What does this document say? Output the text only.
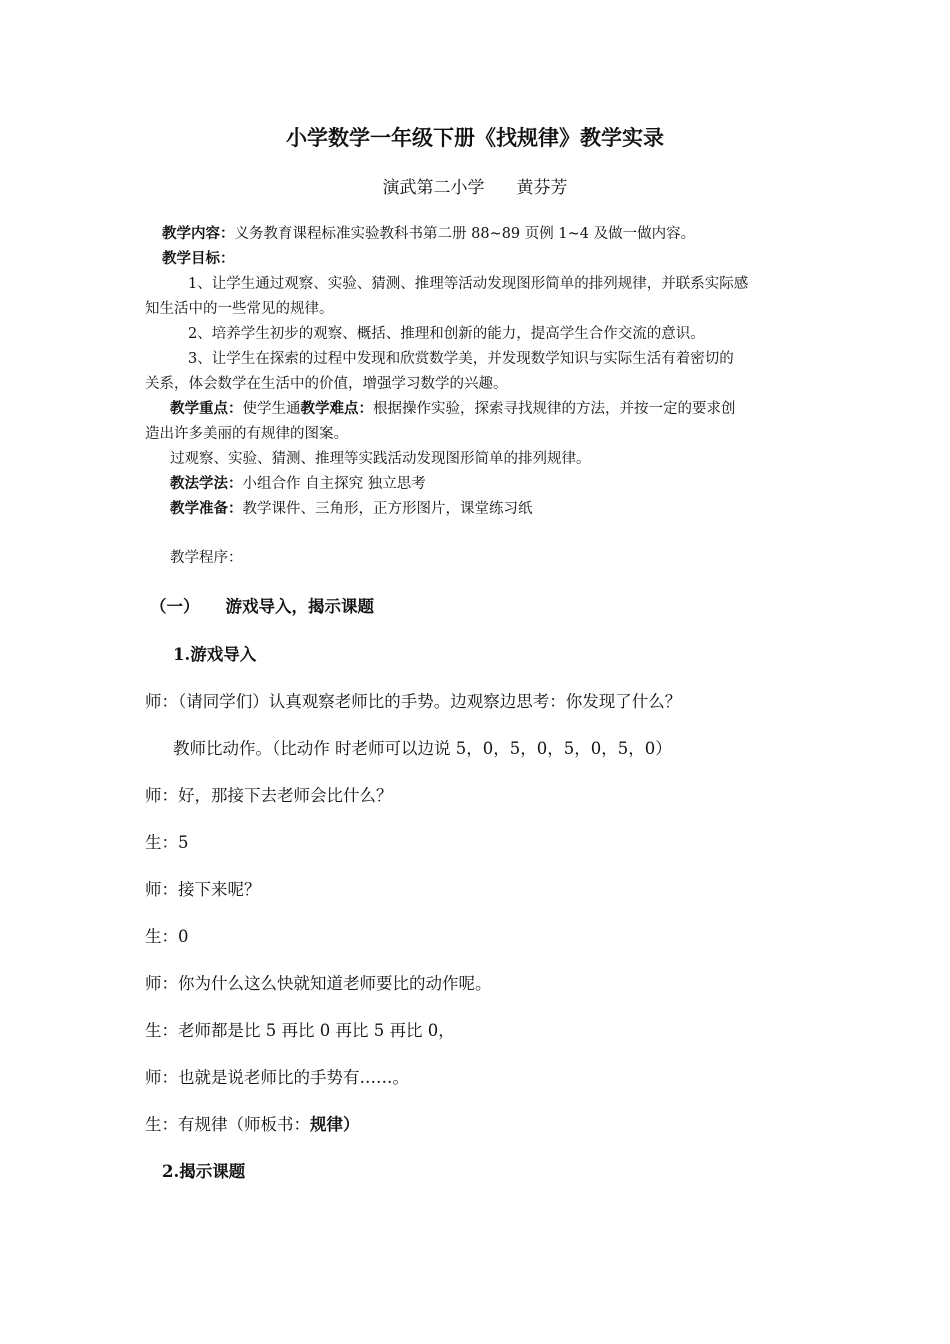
小学数学一年级下册《找规律》教学实录
演武第二小学 黄芬芳
教学内容：义务教育课程标准实验教科书第二册 88~89 页例 1~4 及做一做内容。
教学目标：
1、让学生通过观察、实验、猜测、推理等活动发现图形简单的排列规律，并联系实际感
知生活中的一些常见的规律。
2、培养学生初步的观察、概括、推理和创新的能力，提高学生合作交流的意识。
3、让学生在探索的过程中发现和欣赏数学美，并发现数学知识与实际生活有着密切的
关系，体会数学在生活中的价值，增强学习数学的兴趣。
教学重点：使学生通教学难点：根据操作实验，探索寻找规律的方法，并按一定的要求创
造出许多美丽的有规律的图案。
过观察、实验、猜测、推理等实践活动发现图形简单的排列规律。
教法学法：小组合作 自主探究 独立思考
教学准备：教学课件、三角形，正方形图片，课堂练习纸
教学程序：
（一） 游戏导入，揭示课题
1.游戏导入
师：（请同学们）认真观察老师比的手势。边观察边思考：你发现了什么？
教师比动作。（比动作 时老师可以边说 5，0，5，0，5，0，5，0）
师：好，那接下去老师会比什么？
生：5
师：接下来呢？
生：0
师：你为什么这么快就知道老师要比的动作呢。
生：老师都是比 5 再比 0 再比 5 再比 0，
师：也就是说老师比的手势有……。
生：有规律（师板书：规律）
2.揭示课题
